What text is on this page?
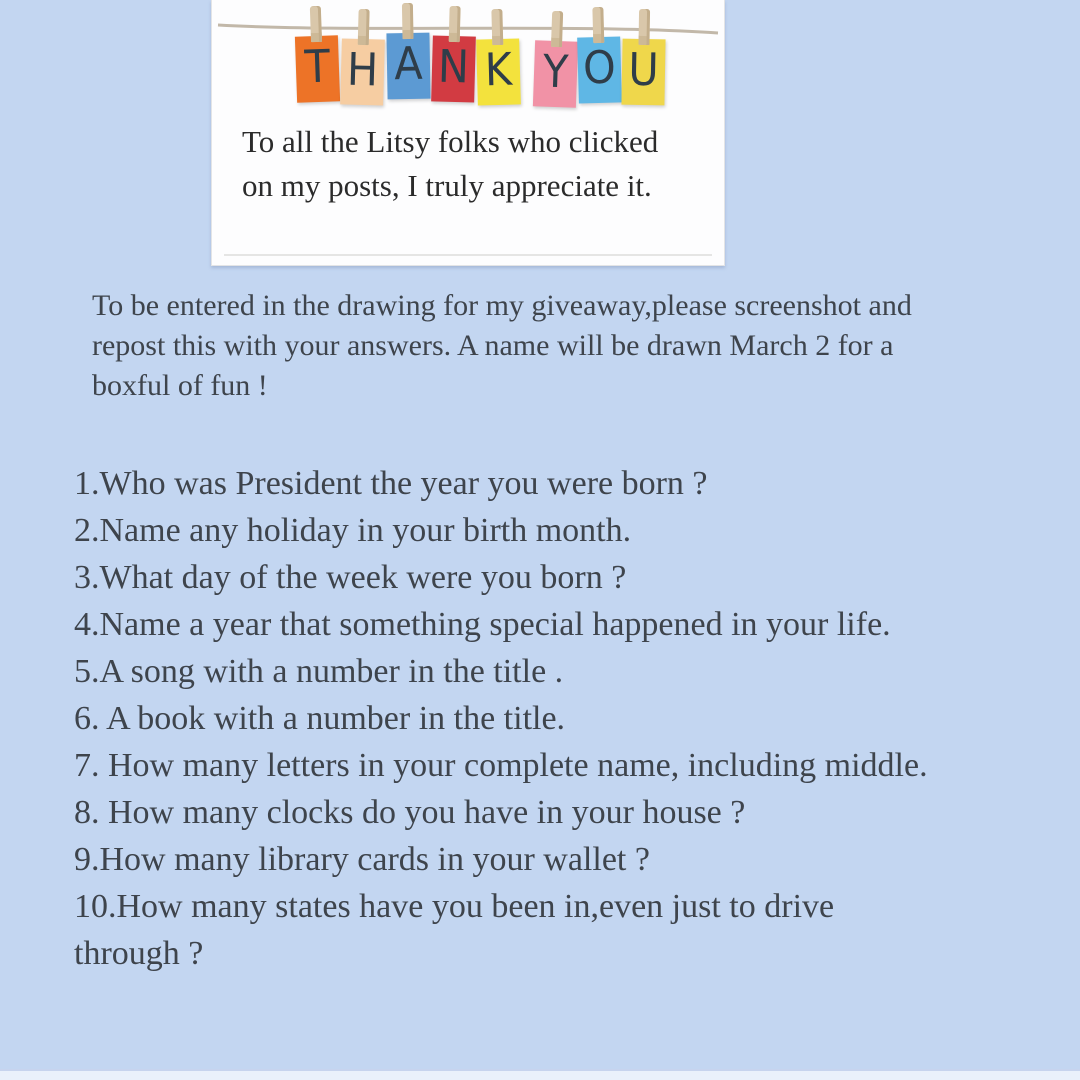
T H A N K Y O U
To all the Litsy folks who clicked on my posts, I truly appreciate it.
To be entered in the drawing for my giveaway,please screenshot and repost this with your answers. A name will be drawn March 2 for a boxful of fun !
1.Who was President the year you were born ?
2.Name any holiday in your birth month.
3.What day of the week were you born ?
4.Name a year that something special happened in your life.
5.A song with a number in the title .
6. A book with a number in the title.
7. How many letters in your complete name, including middle.
8. How many clocks do you have in your house ?
9.How many library cards in your wallet ?
10.How many states have you been in,even just to drive through ?
